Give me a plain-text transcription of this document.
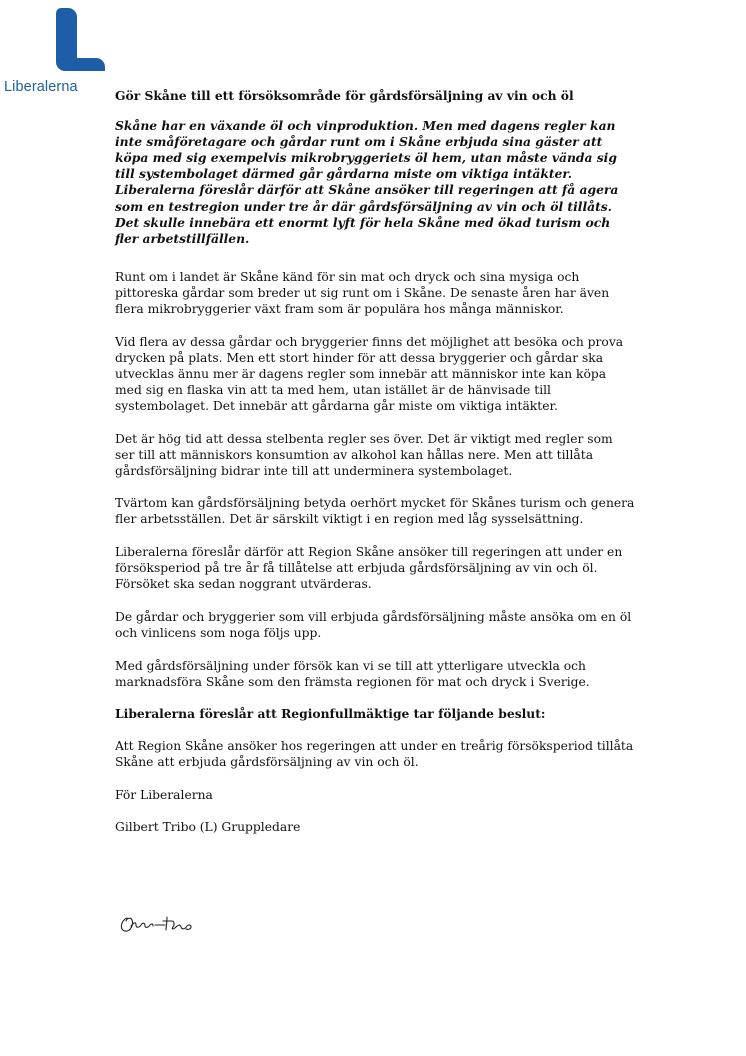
Liberalerna

Gör Skåne till ett försöksområde för gårdsförsäljning av vin och öl

Skåne har en växande öl och vinproduktion. Men med dagens regler kan inte småföretagare och gårdar runt om i Skåne erbjuda sina gäster att köpa med sig exempelvis mikrobryggeriets öl hem, utan måste vända sig till systembolaget därmed går gårdarna miste om viktiga intäkter. Liberalerna föreslår därför att Skåne ansöker till regeringen att få agera som en testregion under tre år där gårdsförsäljning av vin och öl tillåts. Det skulle innebära ett enormt lyft för hela Skåne med ökad turism och fler arbetstillfällen.

Runt om i landet är Skåne känd för sin mat och dryck och sina mysiga och pittoreska gårdar som breder ut sig runt om i Skåne. De senaste åren har även flera mikrobryggerier växt fram som är populära hos många människor.

Vid flera av dessa gårdar och bryggerier finns det möjlighet att besöka och prova drycken på plats. Men ett stort hinder för att dessa bryggerier och gårdar ska utvecklas ännu mer är dagens regler som innebär att människor inte kan köpa med sig en flaska vin att ta med hem, utan istället är de hänvisade till systembolaget. Det innebär att gårdarna går miste om viktiga intäkter.

Det är hög tid att dessa stelbenta regler ses över. Det är viktigt med regler som ser till att människors konsumtion av alkohol kan hållas nere. Men att tillåta gårdsförsäljning bidrar inte till att underminera systembolaget.

Tvärtom kan gårdsförsäljning betyda oerhört mycket för Skånes turism och genera fler arbetsställen. Det är särskilt viktigt i en region med låg sysselsättning.

Liberalerna föreslår därför att Region Skåne ansöker till regeringen att under en försöksperiod på tre år få tillåtelse att erbjuda gårdsförsäljning av vin och öl. Försöket ska sedan noggrant utvärderas.

De gårdar och bryggerier som vill erbjuda gårdsförsäljning måste ansöka om en öl och vinlicens som noga följs upp.

Med gårdsförsäljning under försök kan vi se till att ytterligare utveckla och marknadsföra Skåne som den främsta regionen för mat och dryck i Sverige.

Liberalerna föreslår att Regionfullmäktige tar följande beslut:

Att Region Skåne ansöker hos regeringen att under en treårig försöksperiod tillåta Skåne att erbjuda gårdsförsäljning av vin och öl.

För Liberalerna

Gilbert Tribo (L) Gruppledare
